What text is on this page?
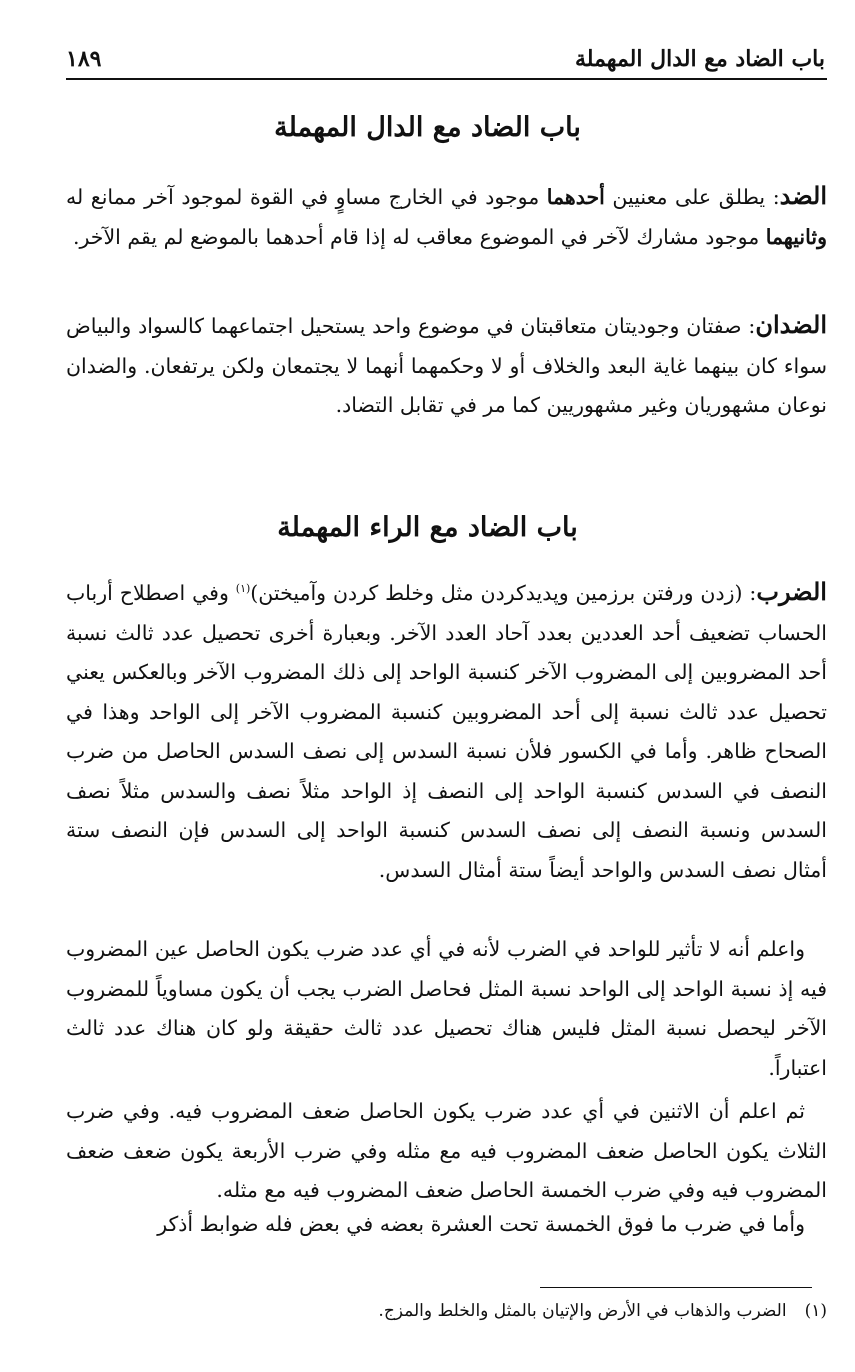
باب الضاد مع الدال المهملة
١٨٩
باب الضاد مع الدال المهملة

الضد: يطلق على معنيين أحدهما موجود في الخارج مساوٍ في القوة لموجود آخر ممانع له وثانيهما موجود مشارك لآخر في الموضوع معاقب له إذا قام أحدهما بالموضع لم يقم الآخر.

الضدان: صفتان وجوديتان متعاقبتان في موضوع واحد يستحيل اجتماعهما كالسواد والبياض سواء كان بينهما غاية البعد والخلاف أو لا وحكمهما أنهما لا يجتمعان ولكن يرتفعان. والضدان نوعان مشهوريان وغير مشهوريين كما مر في تقابل التضاد.

باب الضاد مع الراء المهملة

الضرب: (زدن ورفتن برزمين وپديدكردن مثل وخلط كردن وآميختن)$^{(١)}$ وفي اصطلاح أرباب الحساب تضعيف أحد العددين بعدد آحاد العدد الآخر. وبعبارة أخرى تحصيل عدد ثالث نسبة أحد المضروبين إلى المضروب الآخر كنسبة الواحد إلى ذلك المضروب الآخر وبالعكس يعني تحصيل عدد ثالث نسبة إلى أحد المضروبين كنسبة المضروب الآخر إلى الواحد وهذا في الصحاح ظاهر. وأما في الكسور فلأن نسبة السدس إلى نصف السدس الحاصل من ضرب النصف في السدس كنسبة الواحد إلى النصف إذ الواحد مثلاً نصف والسدس مثلاً نصف السدس ونسبة النصف إلى نصف السدس كنسبة الواحد إلى السدس فإن النصف ستة أمثال نصف السدس والواحد أيضاً ستة أمثال السدس.

واعلم أنه لا تأثير للواحد في الضرب لأنه في أي عدد ضرب يكون الحاصل عين المضروب فيه إذ نسبة الواحد إلى الواحد نسبة المثل فحاصل الضرب يجب أن يكون مساوياً للمضروب الآخر ليحصل نسبة المثل فليس هناك تحصيل عدد ثالث حقيقة ولو كان هناك عدد ثالث اعتباراً.

ثم اعلم أن الاثنين في أي عدد ضرب يكون الحاصل ضعف المضروب فيه. وفي ضرب الثلاث يكون الحاصل ضعف المضروب فيه مع مثله وفي ضرب الأربعة يكون ضعف ضعف المضروب فيه وفي ضرب الخمسة الحاصل ضعف المضروب فيه مع مثله.

وأما في ضرب ما فوق الخمسة تحت العشرة بعضه في بعض فله ضوابط أذكر

(١)الضرب والذهاب في الأرض والإتيان بالمثل والخلط والمزج.
